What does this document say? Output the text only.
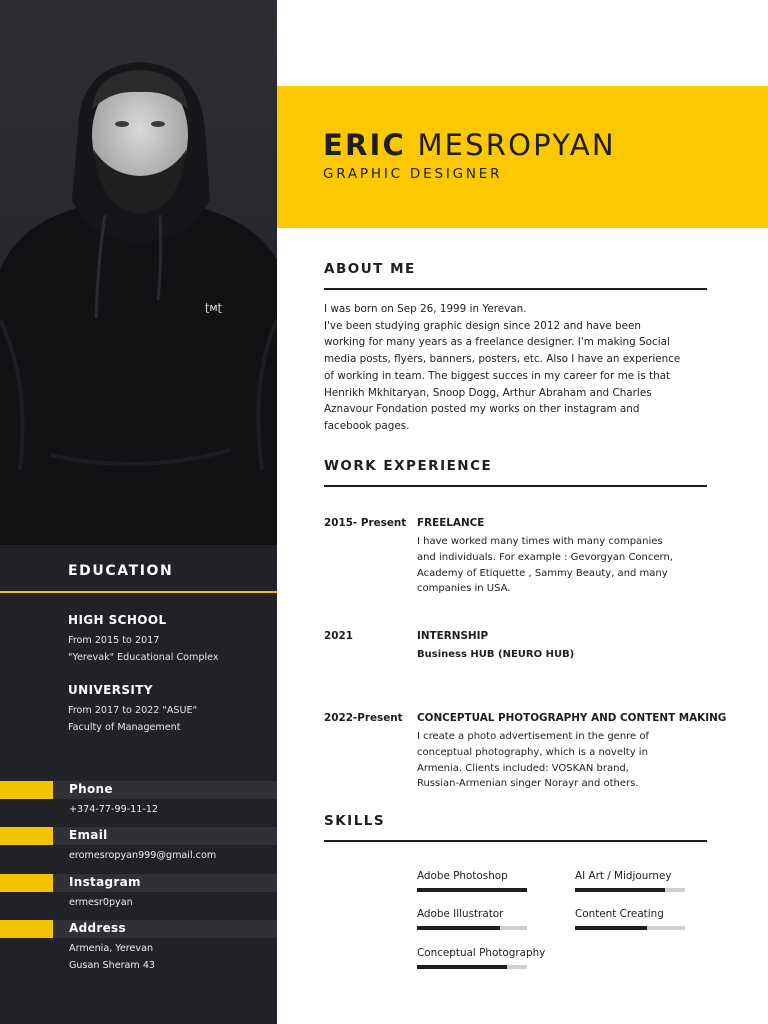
ʈᴍʈ
EDUCATION
HIGH SCHOOL
From 2015 to 2017
"Yerevak" Educational Complex
UNIVERSITY
From 2017 to 2022 "ASUE"
Faculty of Management
Phone
+374-77-99-11-12
Email
eromesropyan999@gmail.com
Instagram
ermesr0pyan
Address
Armenia, Yerevan
Gusan Sheram 43
ERIC MESROPYAN
GRAPHIC DESIGNER
ABOUT ME
I was born on Sep 26, 1999 in Yerevan.
I've been studying graphic design since 2012 and have been
working for many years as a freelance designer. I'm making Social
media posts, flyers, banners, posters, etc. Also I have an experience
of working in team. The biggest succes in my career for me is that
Henrikh Mkhitaryan, Snoop Dogg, Arthur Abraham and Charles
Aznavour Fondation posted my works on ther instagram and
facebook pages.
WORK EXPERIENCE
2015- Present FREELANCE
I have worked many times with many companies
and individuals. For example : Gevorgyan Concern,
Academy of Etiquette , Sammy Beauty, and many
companies in USA.
2021	INTERNSHIP
Business HUB (NEURO HUB)
2022-Present CONCEPTUAL PHOTOGRAPHY AND CONTENT MAKING
I create a photo advertisement in the genre of
conceptual photography, which is a novelty in
Armenia. Clients included: VOSKAN brand,
Russian-Armenian singer Norayr and others.
SKILLS
Adobe Photoshop	AI Art / Midjourney
Adobe Illustrator	Content Creating
Conceptual Photography
